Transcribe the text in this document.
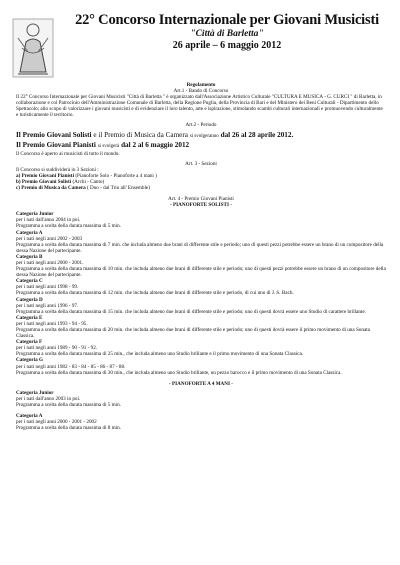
22° Concorso Internazionale per Giovani Musicisti
"Città di Barletta"
26 aprile – 6 maggio 2012
Regolamento
Art.1 - Bando di Concorso
Il 22° Concorso Internazionale per Giovani Musicisti "Città di Barletta " è organizzato dall'Associazione Artistico Culturale "CULTURA E MUSICA - G. CURCI " di Barletta, in collaborazione e col Patrocinio dell'Amministrazione Comunale di Barletta, della Regione Puglia, della Provincia di Bari e del Ministero dei Beni Culturali - Dipartimento dello Spettacolo; allo scopo di valorizzare i giovani musicisti e di evidenziare il loro talento, arte e ispirazione, stimolando scambi culturali internazionali e promuovendo culturalmente e turisticamente il territorio.
Art.2 - Periodo
Il Premio Giovani Solisti e il Premio di Musica da Camera si svolgeranno dal 26 al 28 aprile 2012.
Il Premio Giovani Pianisti si svolgerà dal 2 al 6 maggio 2012
Il Concorso è aperto ai musicisti di tutto il mondo.
Art. 3 - Sezioni
Il Concorso si suddividerà in 3 Sezioni :
a) Premio Giovani Pianisti (Pianoforte Solo - Pianoforte a 4 mani )
b) Premio Giovani Solisti (Archi - Canto)
c) Premio di Musica da Camera ( Duo - dal Trio all' Ensemble)
Art. 4 - Premio Giovani Pianisti
- PIANOFORTE SOLISTI -
Categoria Junior
per i nati dall'anno 2004 in poi.
Programma a scelta della durata massima di 5 min.
Categoria A
per i nati negli anni 2002 - 2003
Programma a scelta della durata massima di 7 min. che includa almeno due brani di differente stile e periodo; uno di questi pezzi potrebbe essere un brano di un compositore della stessa Nazione del partecipante.
Categoria B
per i nati negli anni 2000 - 2001.
Programma a scelta della durata massima di 10 min. che includa almeno due brani di differente stile e periodo; uno di questi pezzi potrebbe essere un brano di un compositore della stessa Nazione del partecipante.
Categoria C
per i nati negli anni 1998 - 99.
Programma a scelta della durata massima di 12 min. che includa almeno due brani di differente stile e periodo, di cui uno di J. S. Bach.
Categoria D
per i nati negli anni 1996 - 97.
Programma a scelta della durata massima di 15 min. che includa almeno due brani di differente stile e periodo; uno di questi dovrà essere uno Studio di carattere brillante.
Categoria E
per i nati negli anni 1993 - 94 - 95.
Programma a scelta della durata massima di 20 min. che includa almeno due brani di differente stile e periodo; uno di questi dovrà essere il primo movimento di una Sonata Classica.
Categoria F
per i nati negli anni 1989 - 90 - 91 - 92.
Programma a scelta della durata massima di 25 min., che includa almeno uno Studio brillante e il primo movimento di una Sonata Classica.
Categoria G
per i nati negli anni 1982 - 83 - 84 - 85 - 86 - 87 - 88.
Programma a scelta della durata massima di 30 min., che includa almeno uno Studio brillante, un pezzo barocco e il primo movimento di una Sonata Classica.
- PIANOFORTE A 4 MANI -
Categoria Junior
per i nati dall'anno 2003 in poi.
Programma a scelta della durata massima di 5 min.
Categoria A
per i nati negli anni 2000 - 2001 - 2002
Programma a scelta della durata massima di 8 min.
